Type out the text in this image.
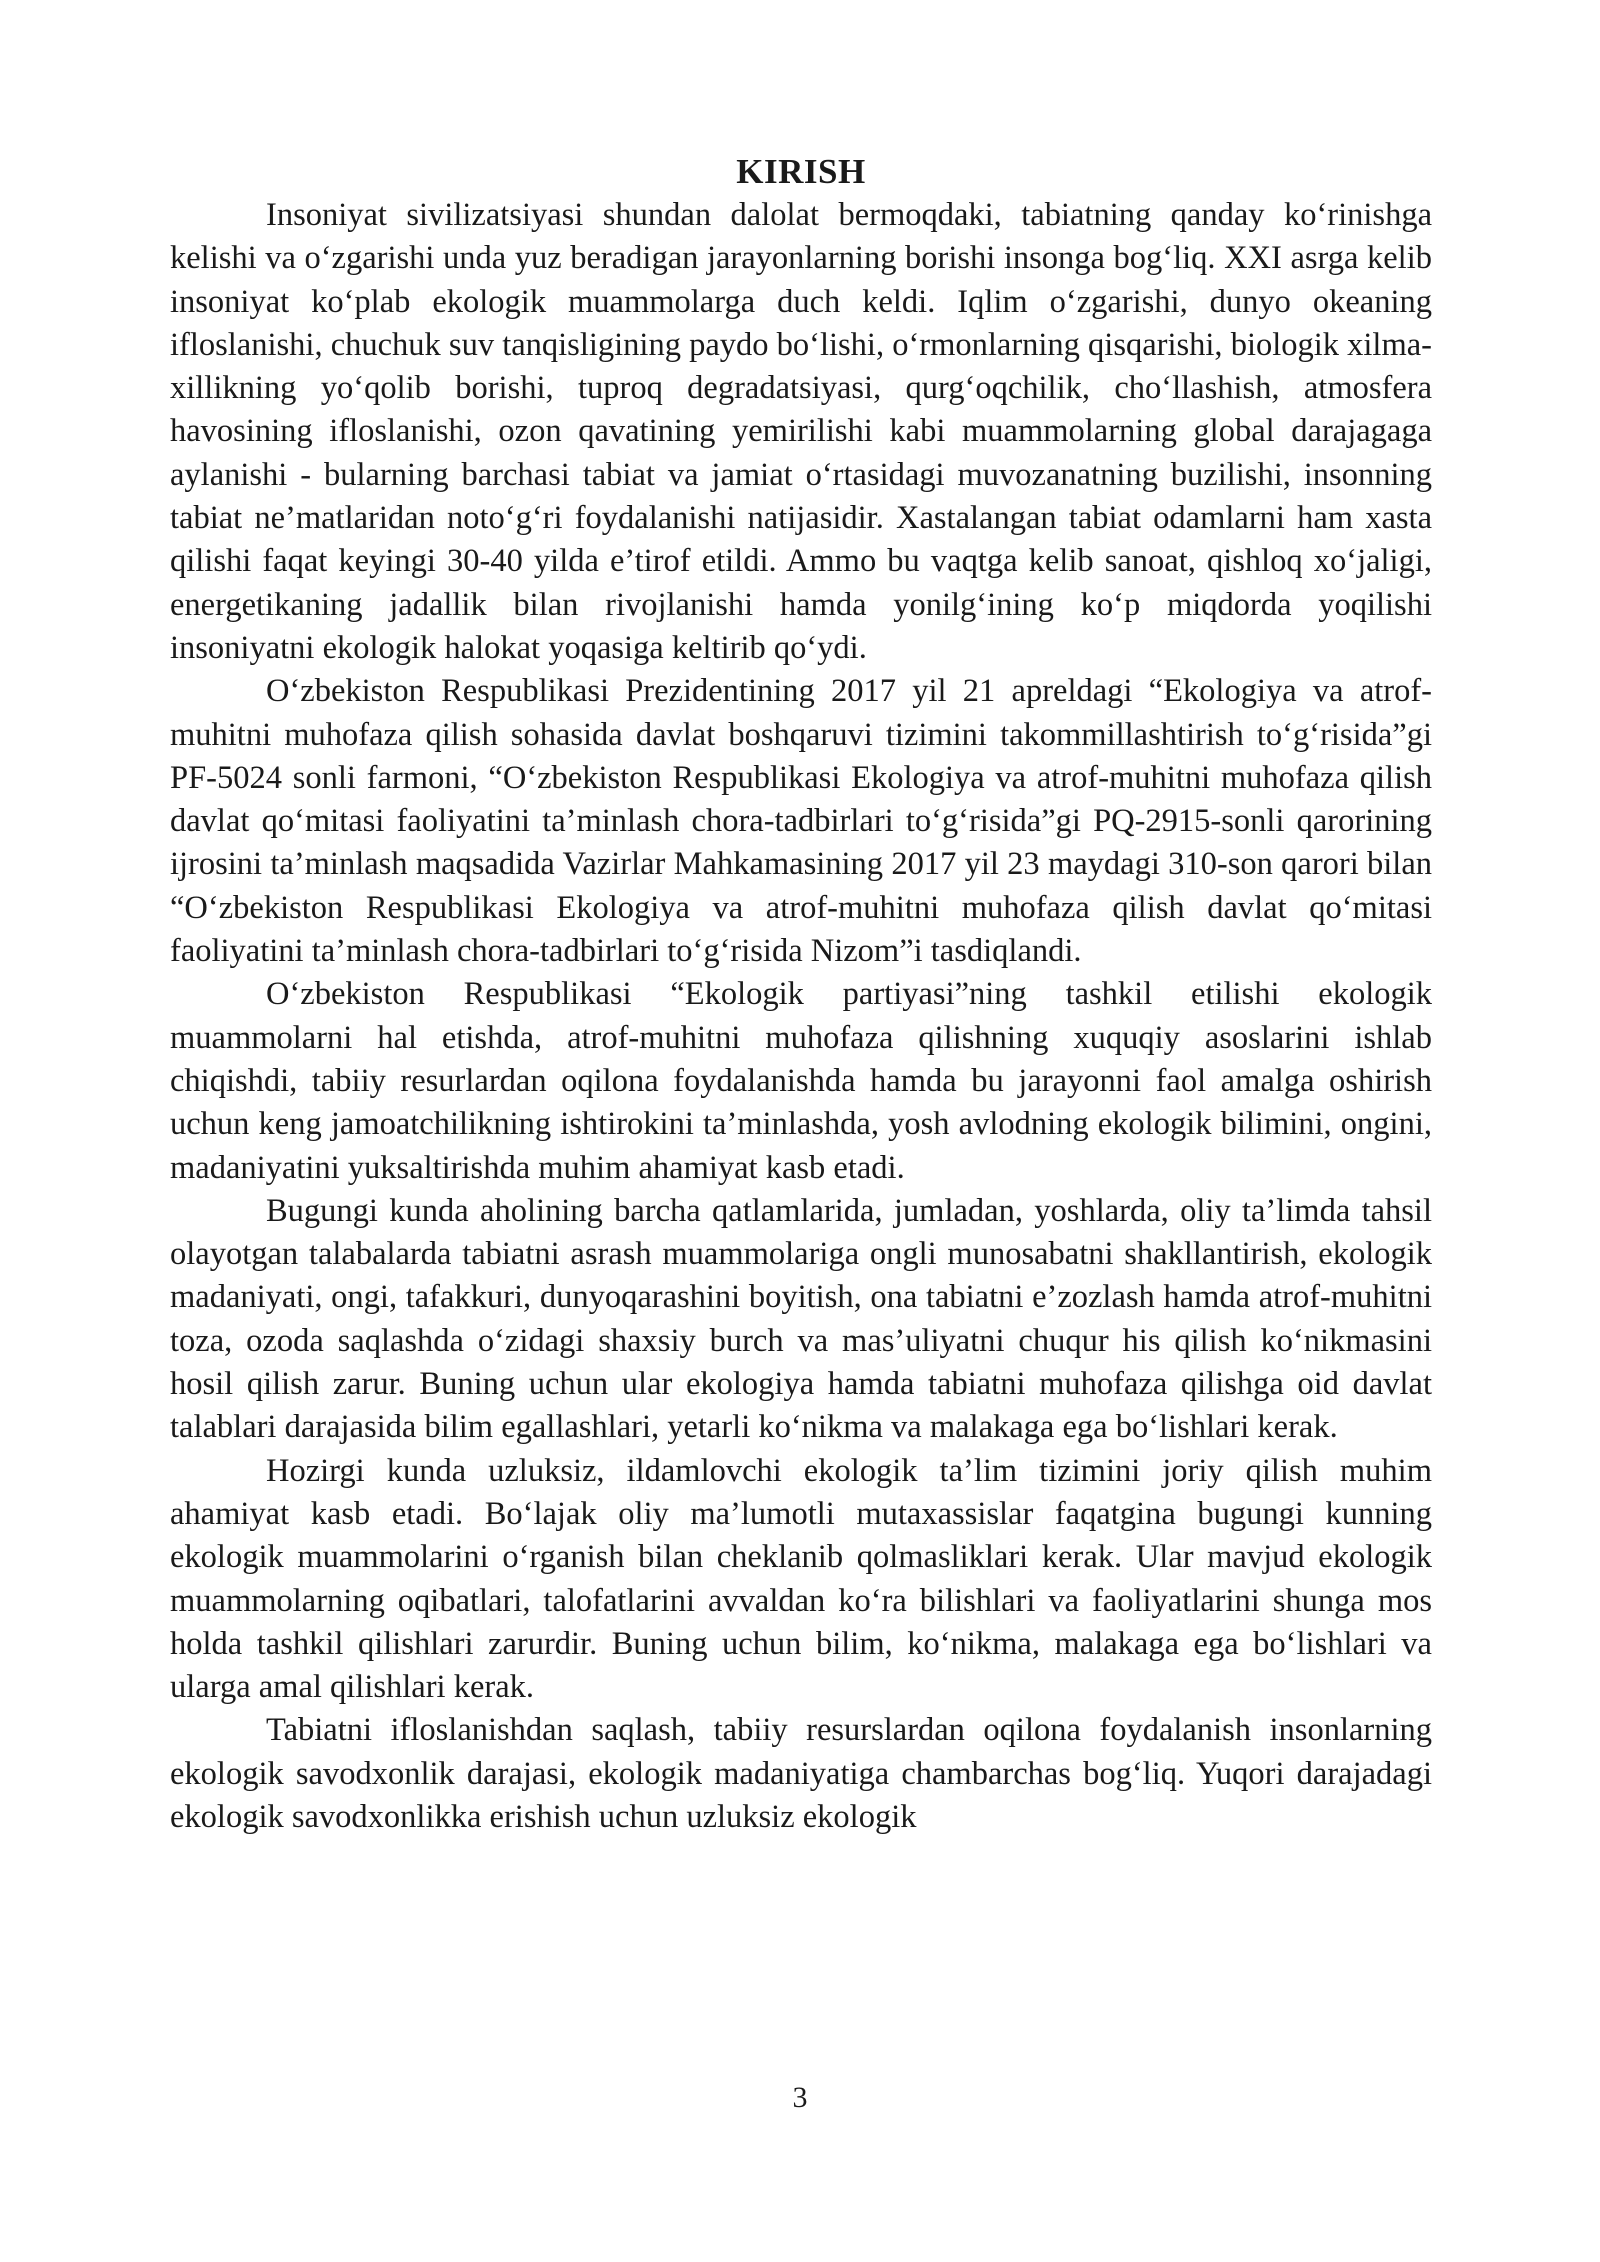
KIRISH

Insoniyat sivilizatsiyasi shundan dalolat bermoqdaki, tabiatning qanday ko‘rinishga kelishi va o‘zgarishi unda yuz beradigan jarayonlarning borishi insonga bog‘liq. XXI asrga kelib insoniyat ko‘plab ekologik muammolarga duch keldi. Iqlim o‘zgarishi, dunyo okeaning ifloslanishi, chuchuk suv tanqisligining paydo bo‘lishi, o‘rmonlarning qisqarishi, biologik xilma-xillikning yo‘qolib borishi, tuproq degradatsiyasi, qurg‘oqchilik, cho‘llashish, atmosfera havosining ifloslanishi, ozon qavatining yemirilishi kabi muammolarning global darajagaga aylanishi - bularning barchasi tabiat va jamiat o‘rtasidagi muvozanatning buzilishi, insonning tabiat ne’matlaridan noto‘g‘ri foydalanishi natijasidir. Xastalangan tabiat odamlarni ham xasta qilishi faqat keyingi 30-40 yilda e’tirof etildi. Ammo bu vaqtga kelib sanoat, qishloq xo‘jaligi, energetikaning jadallik bilan rivojlanishi hamda yonilg‘ining ko‘p miqdorda yoqilishi insoniyatni ekologik halokat yoqasiga keltirib qo‘ydi.

O‘zbekiston Respublikasi Prezidentining 2017 yil 21 apreldagi “Ekologiya va atrof-muhitni muhofaza qilish sohasida davlat boshqaruvi tizimini takommillashtirish to‘g‘risida”gi PF-5024 sonli farmoni, “O‘zbekiston Respublikasi Ekologiya va atrof-muhitni muhofaza qilish davlat qo‘mitasi faoliyatini ta’minlash chora-tadbirlari to‘g‘risida”gi PQ-2915-sonli qarorining ijrosini ta’minlash maqsadida Vazirlar Mahkamasining 2017 yil 23 maydagi 310-son qarori bilan “O‘zbekiston Respublikasi Ekologiya va atrof-muhitni muhofaza qilish davlat qo‘mitasi faoliyatini ta’minlash chora-tadbirlari to‘g‘risida Nizom”i tasdiqlandi.

O‘zbekiston Respublikasi “Ekologik partiyasi”ning tashkil etilishi ekologik muammolarni hal etishda, atrof-muhitni muhofaza qilishning xuquqiy asoslarini ishlab chiqishdi, tabiiy resurlardan oqilona foydalanishda hamda bu jarayonni faol amalga oshirish uchun keng jamoatchilikning ishtirokini ta’minlashda, yosh avlodning ekologik bilimini, ongini, madaniyatini yuksaltirishda muhim ahamiyat kasb etadi.

Bugungi kunda aholining barcha qatlamlarida, jumladan, yoshlarda, oliy ta’limda tahsil olayotgan talabalarda tabiatni asrash muammolariga ongli munosabatni shakllantirish, ekologik madaniyati, ongi, tafakkuri, dunyoqarashini boyitish, ona tabiatni e’zozlash hamda atrof-muhitni toza, ozoda saqlashda o‘zidagi shaxsiy burch va mas’uliyatni chuqur his qilish ko‘nikmasini hosil qilish zarur. Buning uchun ular ekologiya hamda tabiatni muhofaza qilishga oid davlat talablari darajasida bilim egallashlari, yetarli ko‘nikma va malakaga ega bo‘lishlari kerak.

Hozirgi kunda uzluksiz, ildamlovchi ekologik ta’lim tizimini joriy qilish muhim ahamiyat kasb etadi. Bo‘lajak oliy ma’lumotli mutaxassislar faqatgina bugungi kunning ekologik muammolarini o‘rganish bilan cheklanib qolmasliklari kerak. Ular mavjud ekologik muammolarning oqibatlari, talofatlarini avvaldan ko‘ra bilishlari va faoliyatlarini shunga mos holda tashkil qilishlari zarurdir. Buning uchun bilim, ko‘nikma, malakaga ega bo‘lishlari va ularga amal qilishlari kerak.

Tabiatni ifloslanishdan saqlash, tabiiy resurslardan oqilona foydalanish insonlarning ekologik savodxonlik darajasi, ekologik madaniyatiga chambarchas bog‘liq. Yuqori darajadagi ekologik savodxonlikka erishish uchun uzluksiz ekologik

3
